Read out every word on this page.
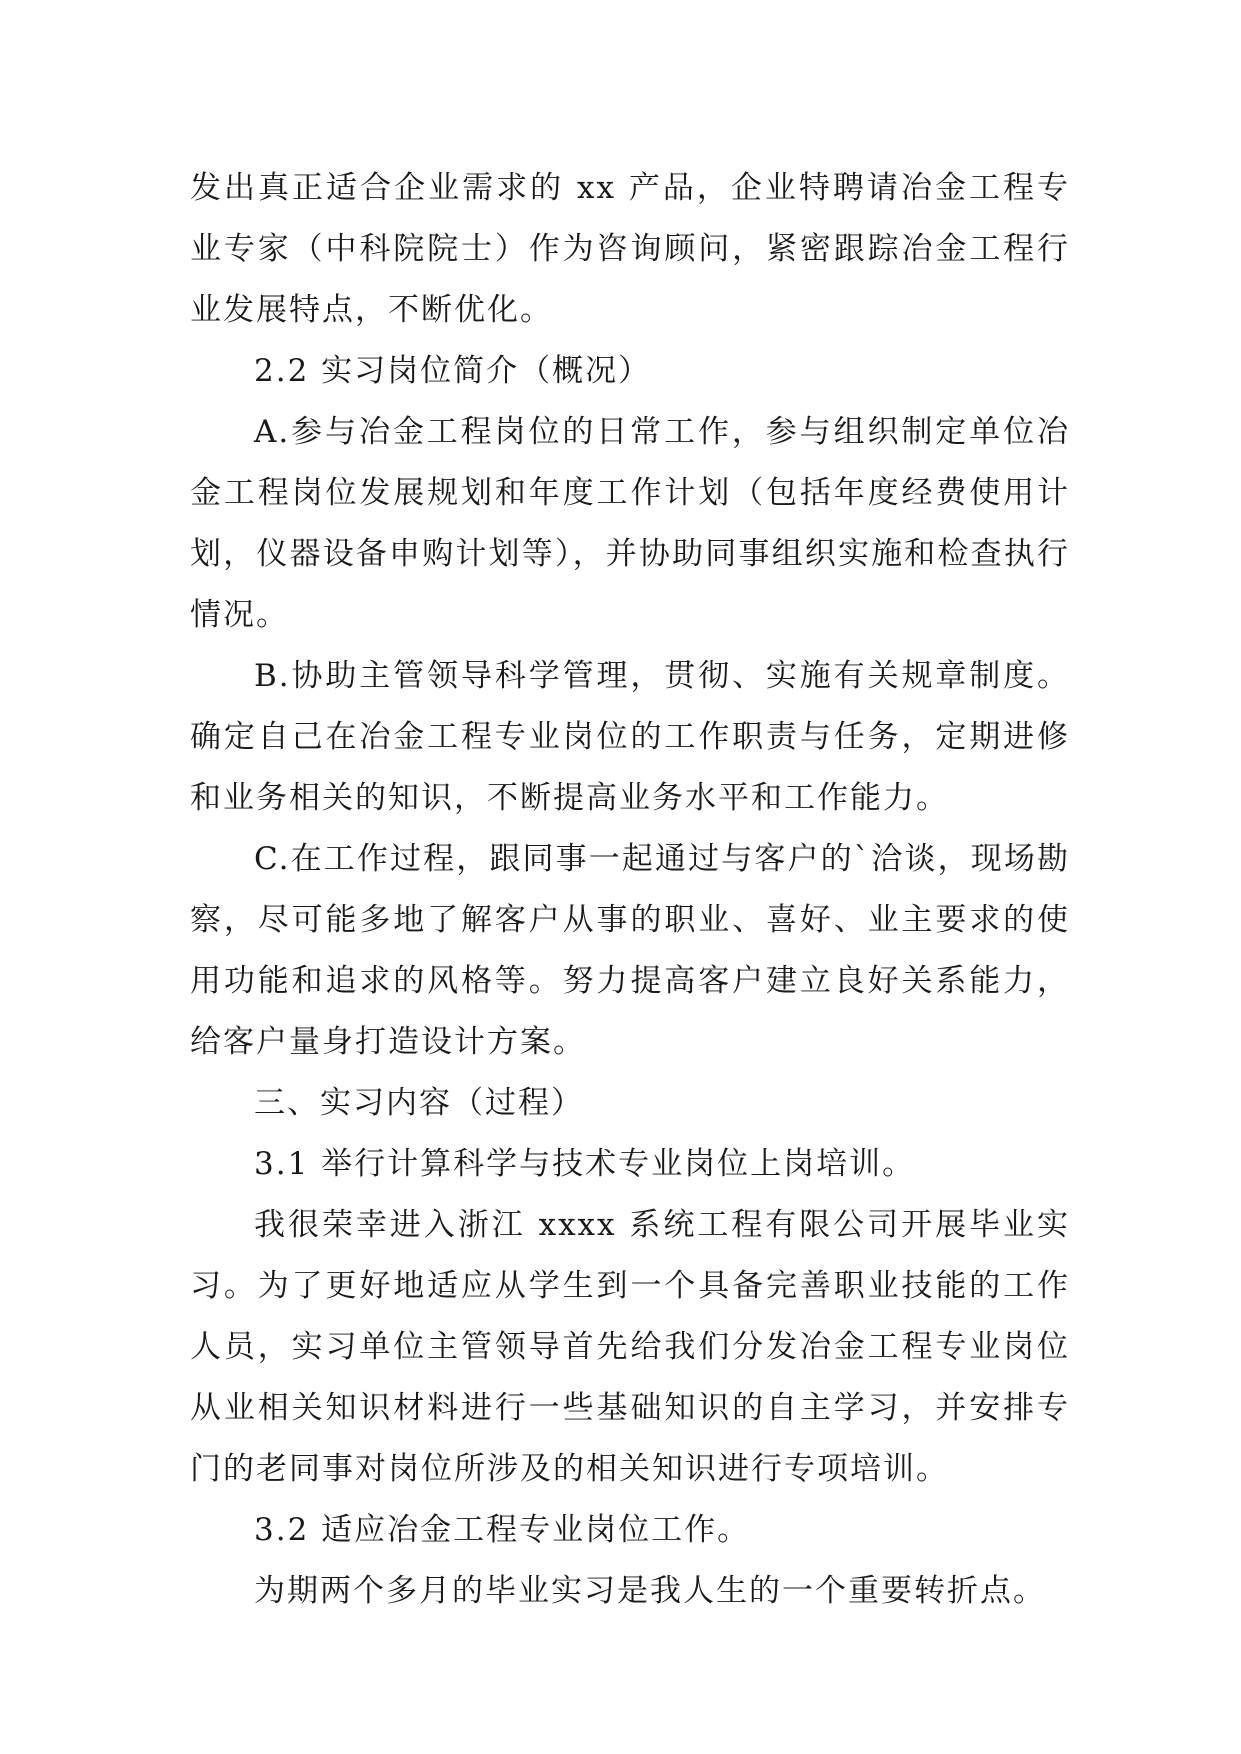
发出真正适合企业需求的 xx 产品，企业特聘请冶金工程专业专家（中科院院士）作为咨询顾问，紧密跟踪冶金工程行业发展特点，不断优化。

2.2 实习岗位简介（概况）

A.参与冶金工程岗位的日常工作，参与组织制定单位冶金工程岗位发展规划和年度工作计划（包括年度经费使用计划，仪器设备申购计划等），并协助同事组织实施和检查执行情况。

B.协助主管领导科学管理，贯彻、实施有关规章制度。确定自己在冶金工程专业岗位的工作职责与任务，定期进修和业务相关的知识，不断提高业务水平和工作能力。

C.在工作过程，跟同事一起通过与客户的`洽谈，现场勘察，尽可能多地了解客户从事的职业、喜好、业主要求的使用功能和追求的风格等。努力提高客户建立良好关系能力，给客户量身打造设计方案。

三、实习内容（过程）

3.1 举行计算科学与技术专业岗位上岗培训。

我很荣幸进入浙江 xxxx 系统工程有限公司开展毕业实习。为了更好地适应从学生到一个具备完善职业技能的工作人员，实习单位主管领导首先给我们分发冶金工程专业岗位从业相关知识材料进行一些基础知识的自主学习，并安排专门的老同事对岗位所涉及的相关知识进行专项培训。

3.2 适应冶金工程专业岗位工作。

为期两个多月的毕业实习是我人生的一个重要转折点。
